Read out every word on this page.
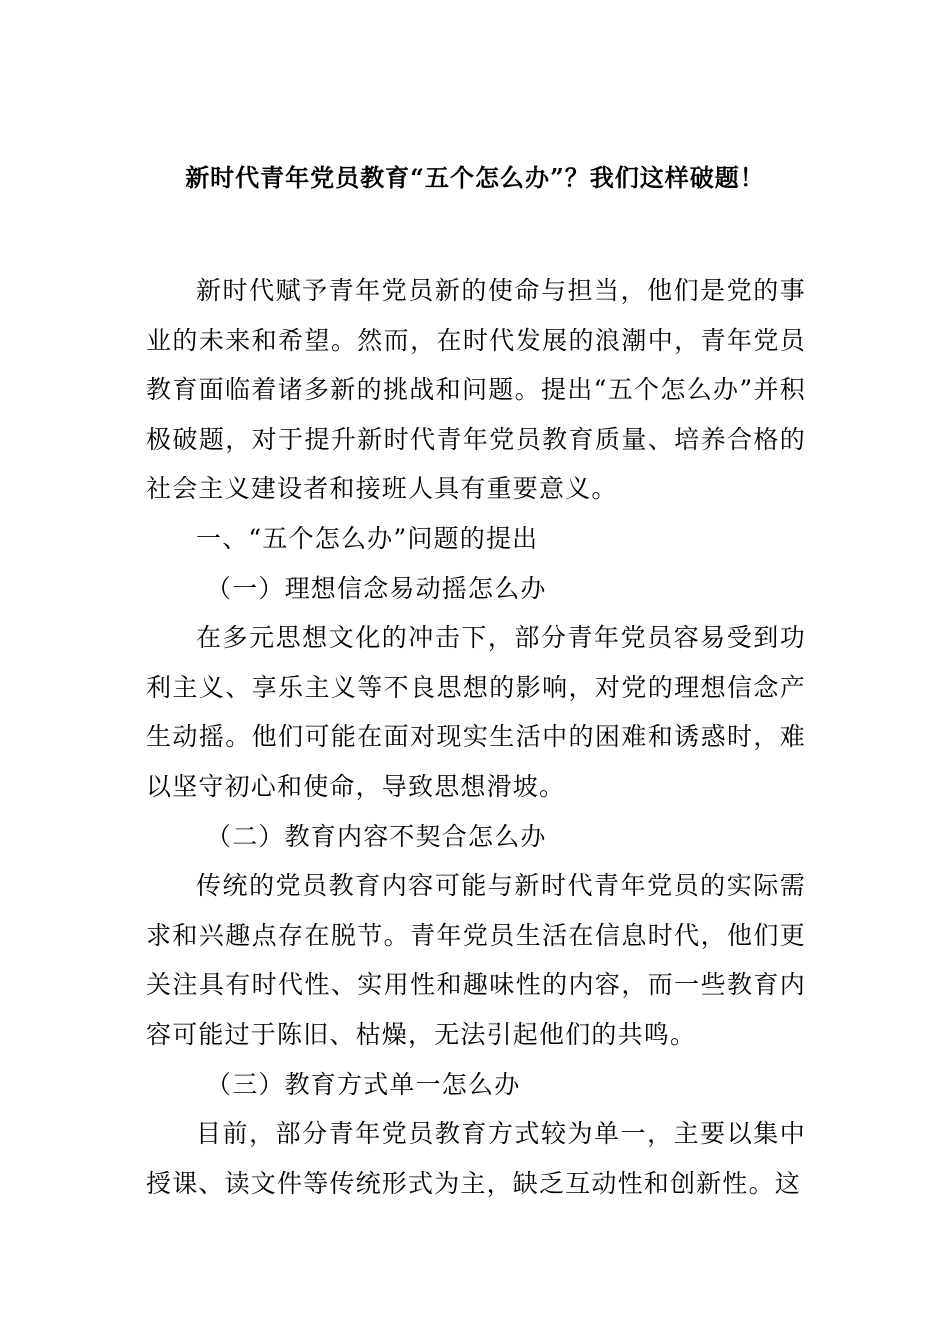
新时代青年党员教育“五个怎么办”？我们这样破题！

新时代赋予青年党员新的使命与担当，他们是党的事业的未来和希望。然而，在时代发展的浪潮中，青年党员教育面临着诸多新的挑战和问题。提出“五个怎么办”并积极破题，对于提升新时代青年党员教育质量、培养合格的社会主义建设者和接班人具有重要意义。

一、“五个怎么办”问题的提出

（一）理想信念易动摇怎么办

在多元思想文化的冲击下，部分青年党员容易受到功利主义、享乐主义等不良思想的影响，对党的理想信念产生动摇。他们可能在面对现实生活中的困难和诱惑时，难以坚守初心和使命，导致思想滑坡。

（二）教育内容不契合怎么办

传统的党员教育内容可能与新时代青年党员的实际需求和兴趣点存在脱节。青年党员生活在信息时代，他们更关注具有时代性、实用性和趣味性的内容，而一些教育内容可能过于陈旧、枯燥，无法引起他们的共鸣。

（三）教育方式单一怎么办

目前，部分青年党员教育方式较为单一，主要以集中授课、读文件等传统形式为主，缺乏互动性和创新性。这
